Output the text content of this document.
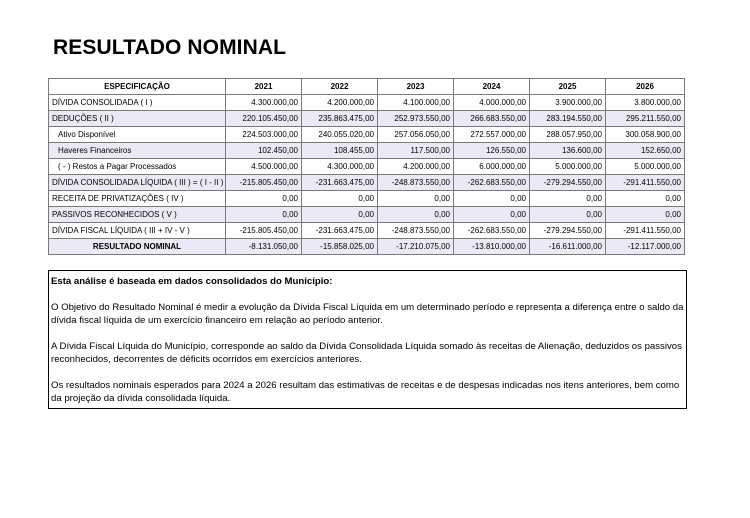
RESULTADO NOMINAL
ESPECIFICAÇÃO	2021	2022	2023	2024	2025	2026
DÍVIDA CONSOLIDADA ( I )	4.300.000,00	4.200.000,00	4.100.000,00	4.000.000,00	3.900.000,00	3.800.000,00
DEDUÇÕES ( II )	220.105.450,00	235.863.475,00	252.973.550,00	266.683.550,00	283.194.550,00	295.211.550,00
Ativo Disponível	224.503.000,00	240.055.020,00	257.056.050,00	272.557.000,00	288.057.950,00	300.058.900,00
Haveres Financeiros	102.450,00	108.455,00	117.500,00	126.550,00	136.600,00	152.650,00
( - ) Restos a Pagar Processados	4.500.000,00	4.300.000,00	4.200.000,00	6.000.000,00	5.000.000,00	5.000.000,00
DÍVIDA CONSOLIDADA LÍQUIDA ( III ) = ( I - II )	-215.805.450,00	-231.663.475,00	-248.873.550,00	-262.683.550,00	-279.294.550,00	-291.411.550,00
RECEITA DE PRIVATIZAÇÕES ( IV )	0,00	0,00	0,00	0,00	0,00	0,00
PASSIVOS RECONHECIDOS ( V )	0,00	0,00	0,00	0,00	0,00	0,00
DÍVIDA FISCAL LÍQUIDA ( III + IV - V )	-215.805.450,00	-231.663.475,00	-248.873.550,00	-262.683.550,00	-279.294.550,00	-291.411.550,00
RESULTADO NOMINAL	-8.131.050,00	-15.858.025,00	-17.210.075,00	-13.810.000,00	-16.611.000,00	-12.117.000,00

Esta análise é baseada em dados consolidados do Município:

O Objetivo do Resultado Nominal é medir a evolução da Dívida Fiscal Líquida em um determinado período e representa a diferença entre o saldo da dívida fiscal líquida de um exercício financeiro em relação ao período anterior.

A Dívida Fiscal Líquida do Município, corresponde ao saldo da Dívida Consolidada Líquida somado às receitas de Alienação, deduzidos os passivos reconhecidos, decorrentes de déficits ocorridos em exercícios anteriores.

Os resultados nominais esperados para 2024 a 2026 resultam das estimativas de receitas e de despesas indicadas nos itens anteriores, bem como da projeção da dívida consolidada líquida.
